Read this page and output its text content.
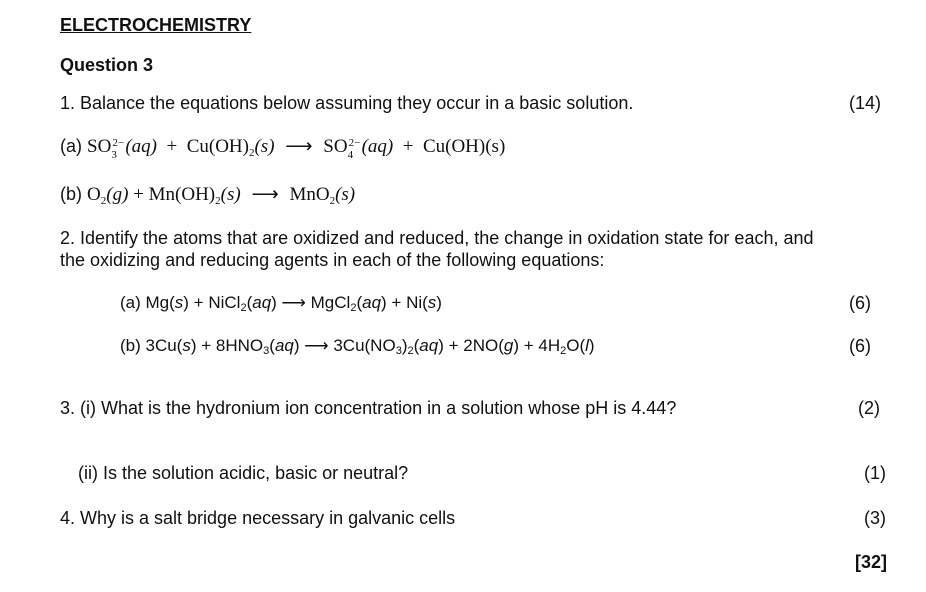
ELECTROCHEMISTRY
Question 3
1. Balance the equations below assuming they occur in a basic solution.	(14)
(a) SO 2−
3 $(aq) + Cu(OH)_2(s)$ ⟶ SO 2−
4 (aq) + Cu(OH)(s)
(b) $O_2(g) + Mn(OH)_2(s)$ ⟶ MnO$_2$(s)
2. Identify the atoms that are oxidized and reduced, the change in oxidation state for each, and
the oxidizing and reducing agents in each of the following equations:
(a) Mg(s) + NiCl2(aq) ⟶ MgCl2(aq) + Ni(s)	(6)
(b) 3Cu(s) + 8HNO3(aq) ⟶ 3Cu(NO3)2(aq) + 2NO(g) + 4H2O(l)	(6)
3. (i) What is the hydronium ion concentration in a solution whose pH is 4.44?	(2)
(ii) Is the solution acidic, basic or neutral?	(1)
4. Why is a salt bridge necessary in galvanic cells	(3)
[32]
